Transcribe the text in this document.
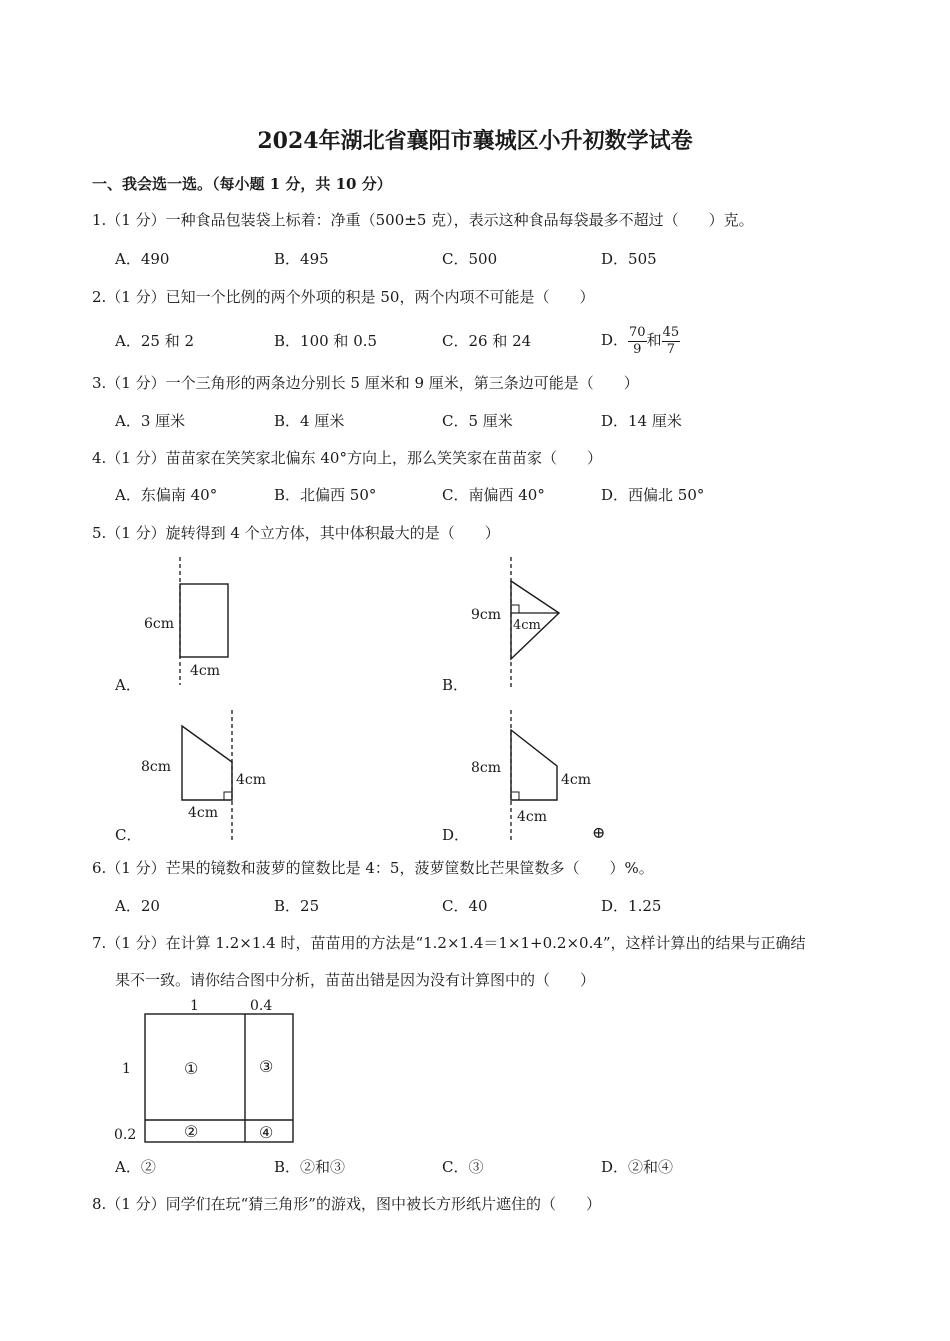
2024年湖北省襄阳市襄城区小升初数学试卷
一、我会选一选。（每小题 1 分，共 10 分）
1.（1 分）一种食品包装袋上标着：净重（500±5 克），表示这种食品每袋最多不超过（　　）克。
A．490	B．495	C．500	D．505
2.（1 分）已知一个比例的两个外项的积是 50，两个内项不可能是（　　）
A．25 和 2	B．100 和 0.5	C．26 和 24	D． $\frac{70}{9}$ 和 $\frac{45}{7}$
3.（1 分）一个三角形的两条边分别长 5 厘米和 9 厘米，第三条边可能是（　　）
A．3 厘米	B．4 厘米	C．5 厘米	D．14 厘米
4.（1 分）苗苗家在笑笑家北偏东 40°方向上，那么笑笑家在苗苗家（　　）
A．东偏南 40°	B．北偏西 50°	C．南偏西 40°	D．西偏北 50°
5.（1 分）旋转得到 4 个立方体，其中体积最大的是（　　）
6cm
4cm
A．
9cm
4cm
B．
8cm
4cm
4cm
C．
8cm
4cm
4cm
⊕
D．
6.（1 分）芒果的镜数和菠萝的筐数比是 4：5，菠萝筐数比芒果筐数多（　　）%。
A．20	B．25	C．40	D．1.25
7.（1 分）在计算 1.2×1.4 时，苗苗用的方法是“1.2×1.4＝1×1+0.2×0.4”，这样计算出的结果与正确结
果不一致。请你结合图中分析，苗苗出错是因为没有计算图中的（　　）
1	0.4
1
0.2
①
②
③
④
A．②	B．②和③	C．③	D．②和④
8.（1 分）同学们在玩“猜三角形”的游戏，图中被长方形纸片遮住的（　　）
